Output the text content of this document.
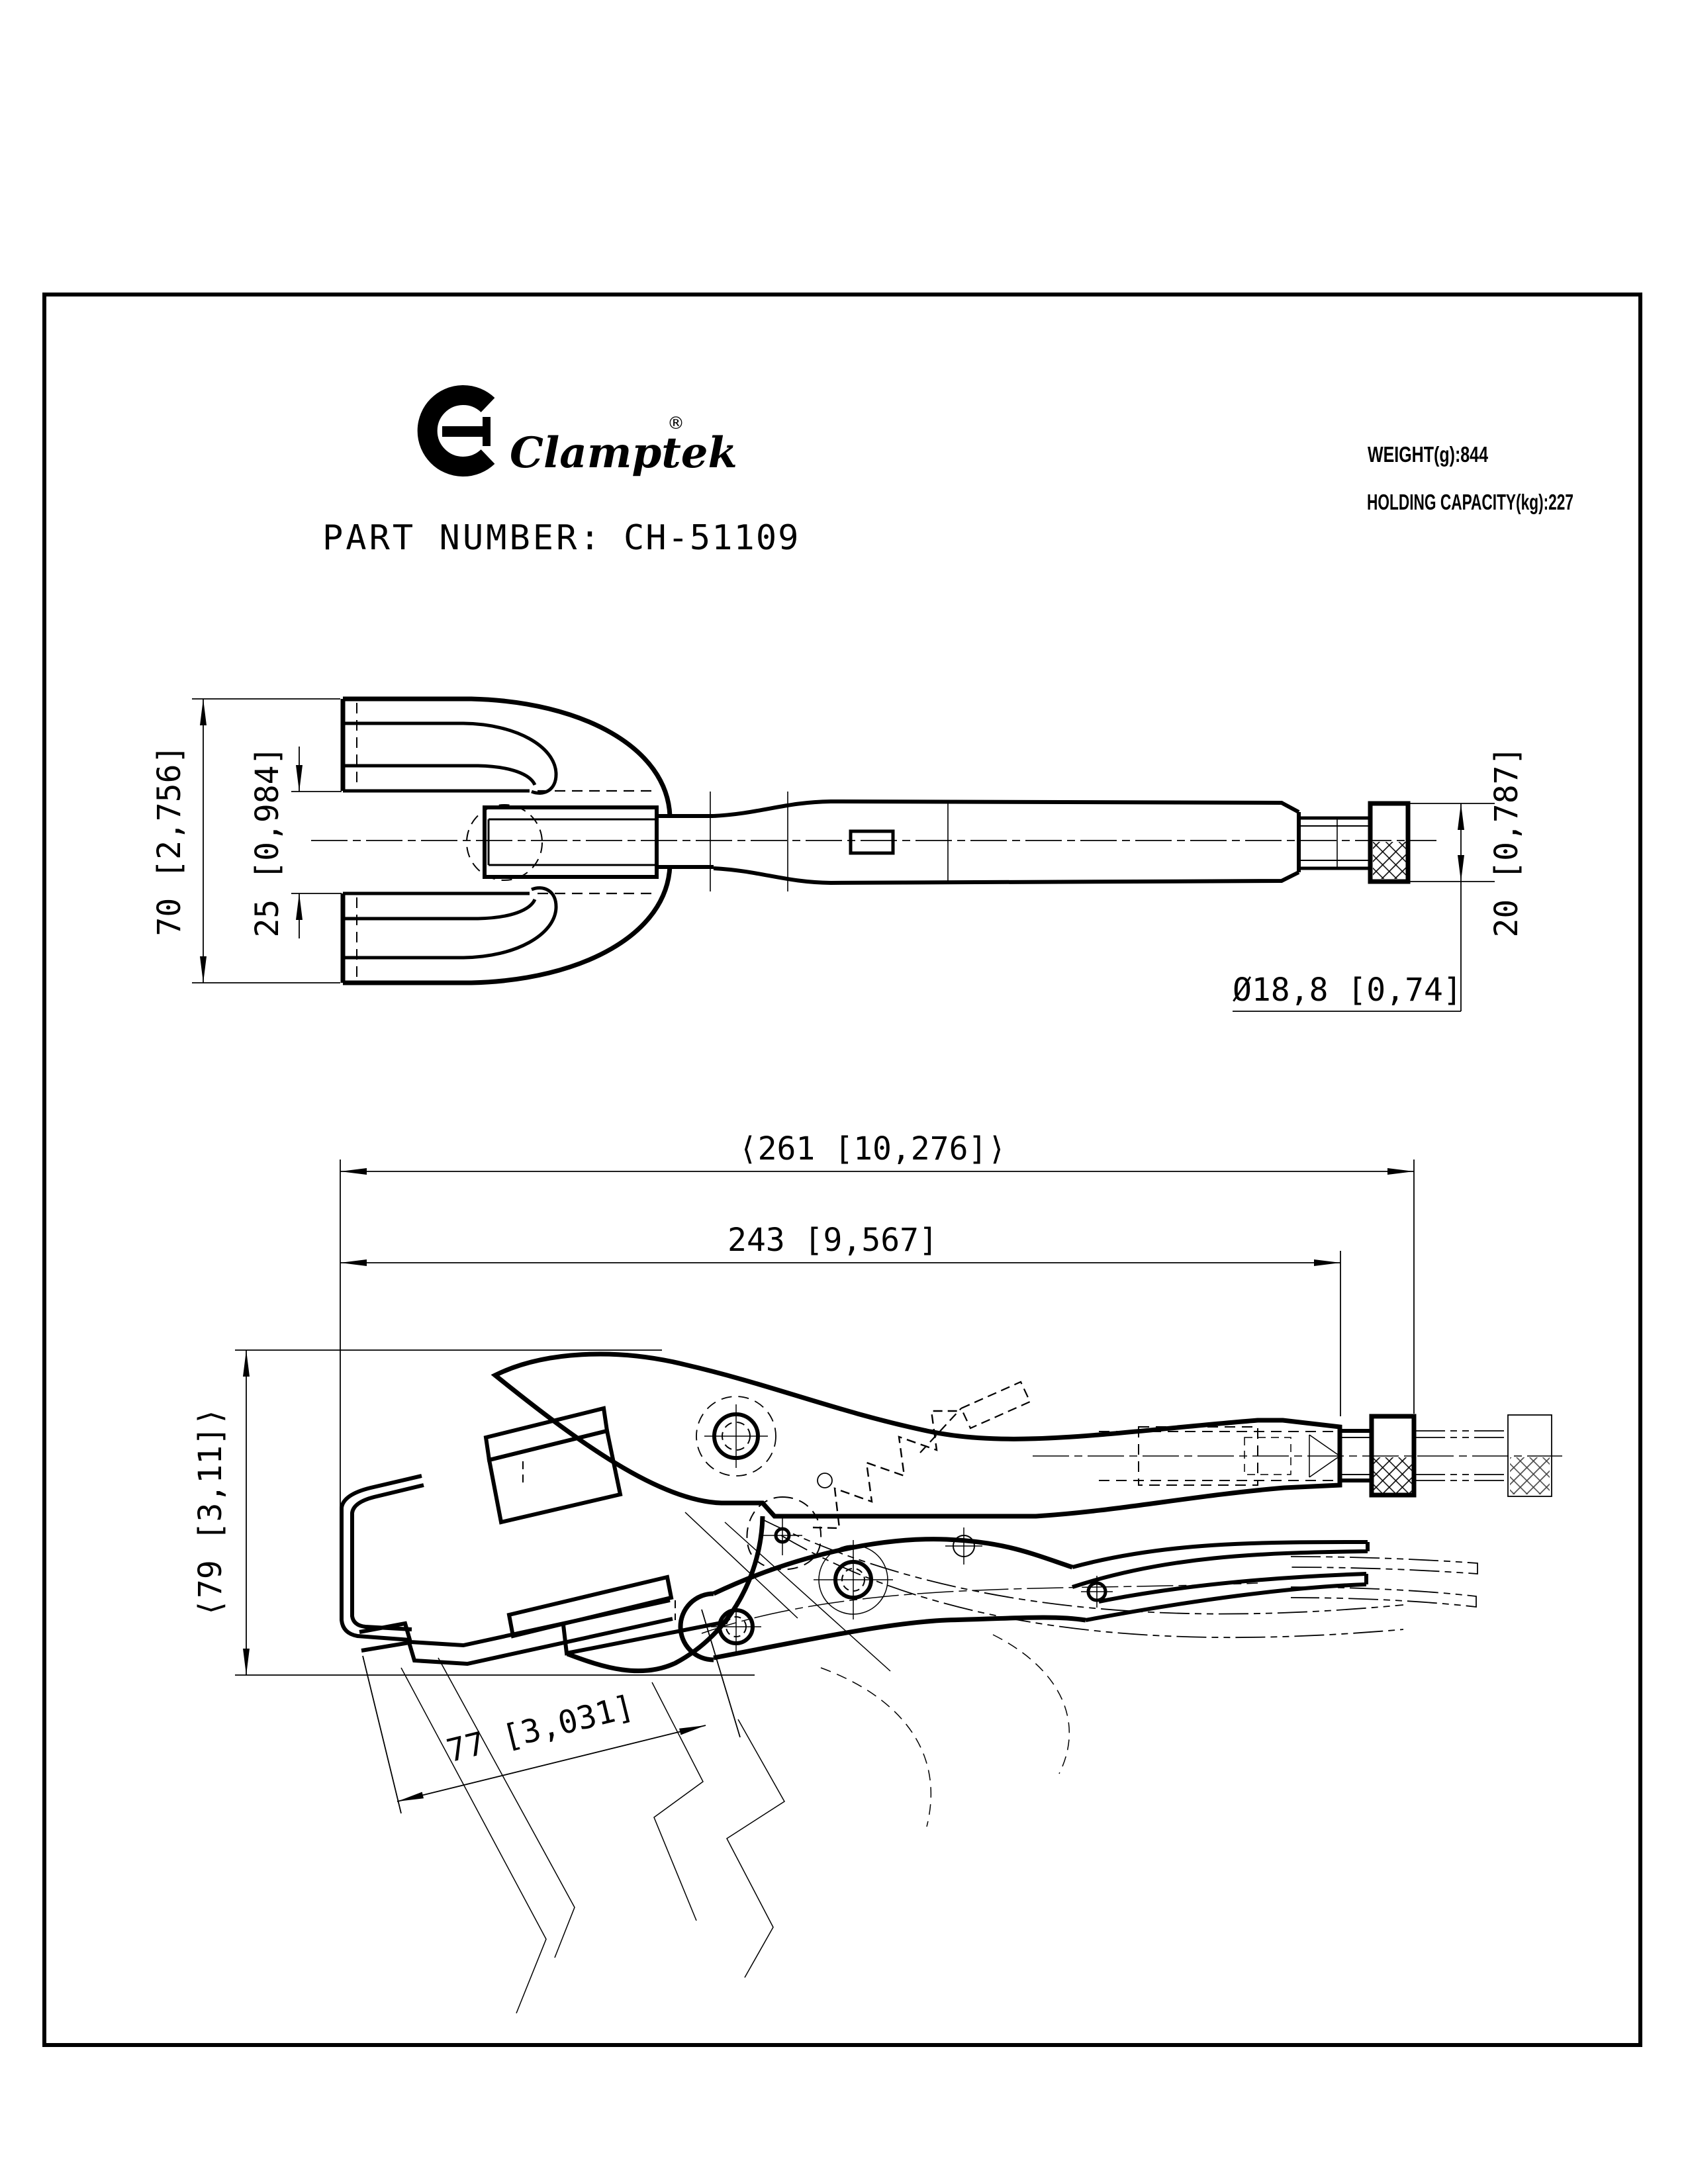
Clamptek
®
PART NUMBER: CH-51109
WEIGHT(g):844
HOLDING CAPACITY(kg):227
70 [2,756] 25 [0,984]	20 [0,787]
Ø18,8 [0,74]
⟨261 [10,276]⟩
243 [9,567]
⟨79 [3,11]⟩
77 [3,031]
